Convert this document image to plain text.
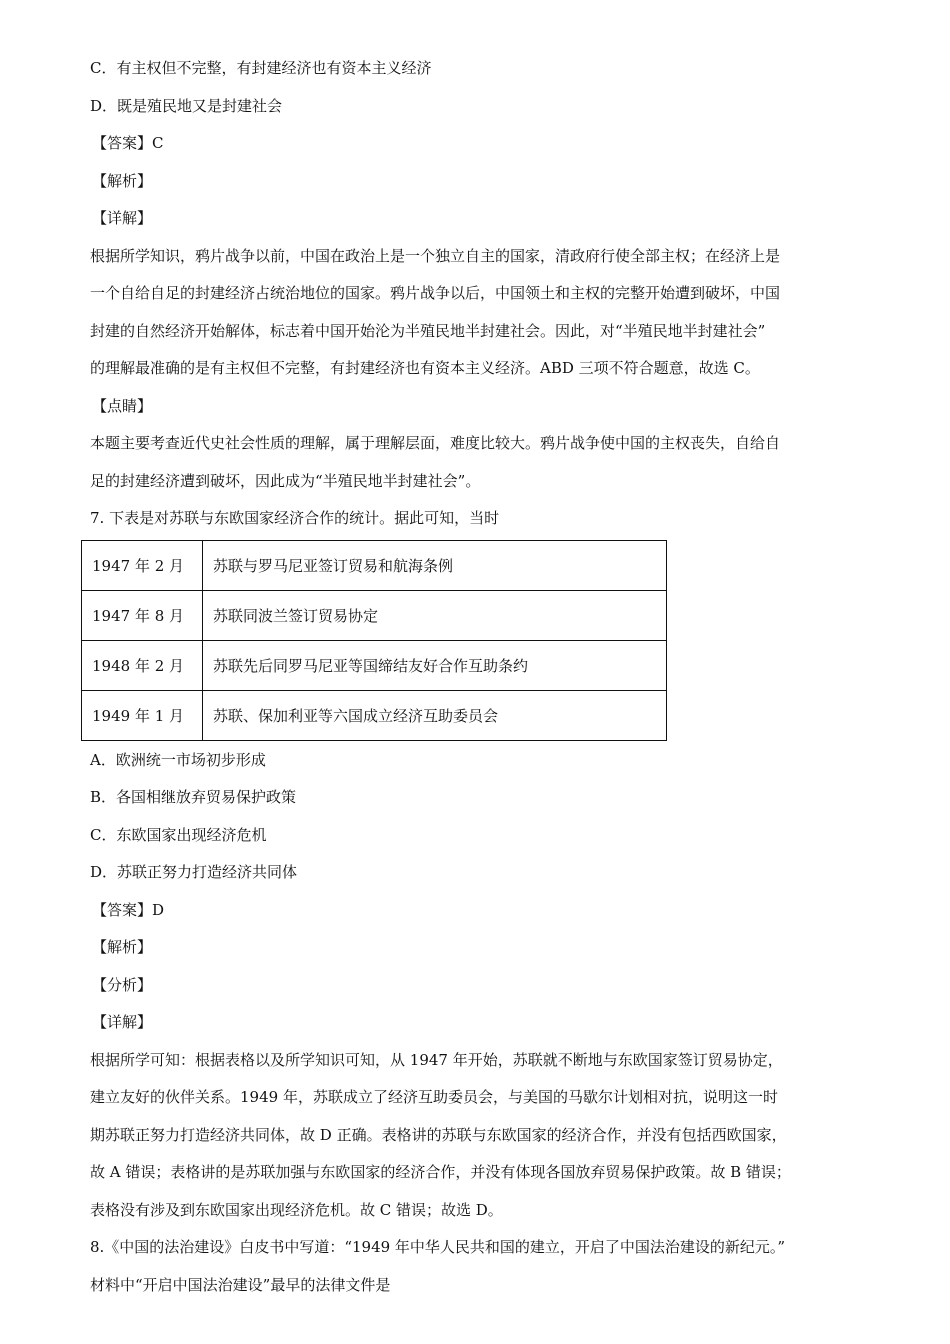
C．有主权但不完整，有封建经济也有资本主义经济
D．既是殖民地又是封建社会
【答案】C
【解析】
【详解】
根据所学知识，鸦片战争以前，中国在政治上是一个独立自主的国家，清政府行使全部主权；在经济上是
一个自给自足的封建经济占统治地位的国家。鸦片战争以后，中国领土和主权的完整开始遭到破坏，中国
封建的自然经济开始解体，标志着中国开始沦为半殖民地半封建社会。因此，对“半殖民地半封建社会”
的理解最准确的是有主权但不完整，有封建经济也有资本主义经济。ABD 三项不符合题意，故选 C。
【点睛】
本题主要考查近代史社会性质的理解，属于理解层面，难度比较大。鸦片战争使中国的主权丧失，自给自
足的封建经济遭到破坏，因此成为“半殖民地半封建社会”。
7. 下表是对苏联与东欧国家经济合作的统计。据此可知，当时
1947 年 2 月	苏联与罗马尼亚签订贸易和航海条例
1947 年 8 月	苏联同波兰签订贸易协定
1948 年 2 月	苏联先后同罗马尼亚等国缔结友好合作互助条约
1949 年 1 月	苏联、保加利亚等六国成立经济互助委员会
A．欧洲统一市场初步形成
B．各国相继放弃贸易保护政策
C．东欧国家出现经济危机
D．苏联正努力打造经济共同体
【答案】D
【解析】
【分析】
【详解】
根据所学可知：根据表格以及所学知识可知，从 1947 年开始，苏联就不断地与东欧国家签订贸易协定，
建立友好的伙伴关系。1949 年，苏联成立了经济互助委员会，与美国的马歇尔计划相对抗，说明这一时
期苏联正努力打造经济共同体，故 D 正确。表格讲的苏联与东欧国家的经济合作，并没有包括西欧国家，
故 A 错误；表格讲的是苏联加强与东欧国家的经济合作，并没有体现各国放弃贸易保护政策。故 B 错误；
表格没有涉及到东欧国家出现经济危机。故 C 错误；故选 D。
8.《中国的法治建设》白皮书中写道：“1949 年中华人民共和国的建立，开启了中国法治建设的新纪元。”
材料中“开启中国法治建设”最早的法律文件是
